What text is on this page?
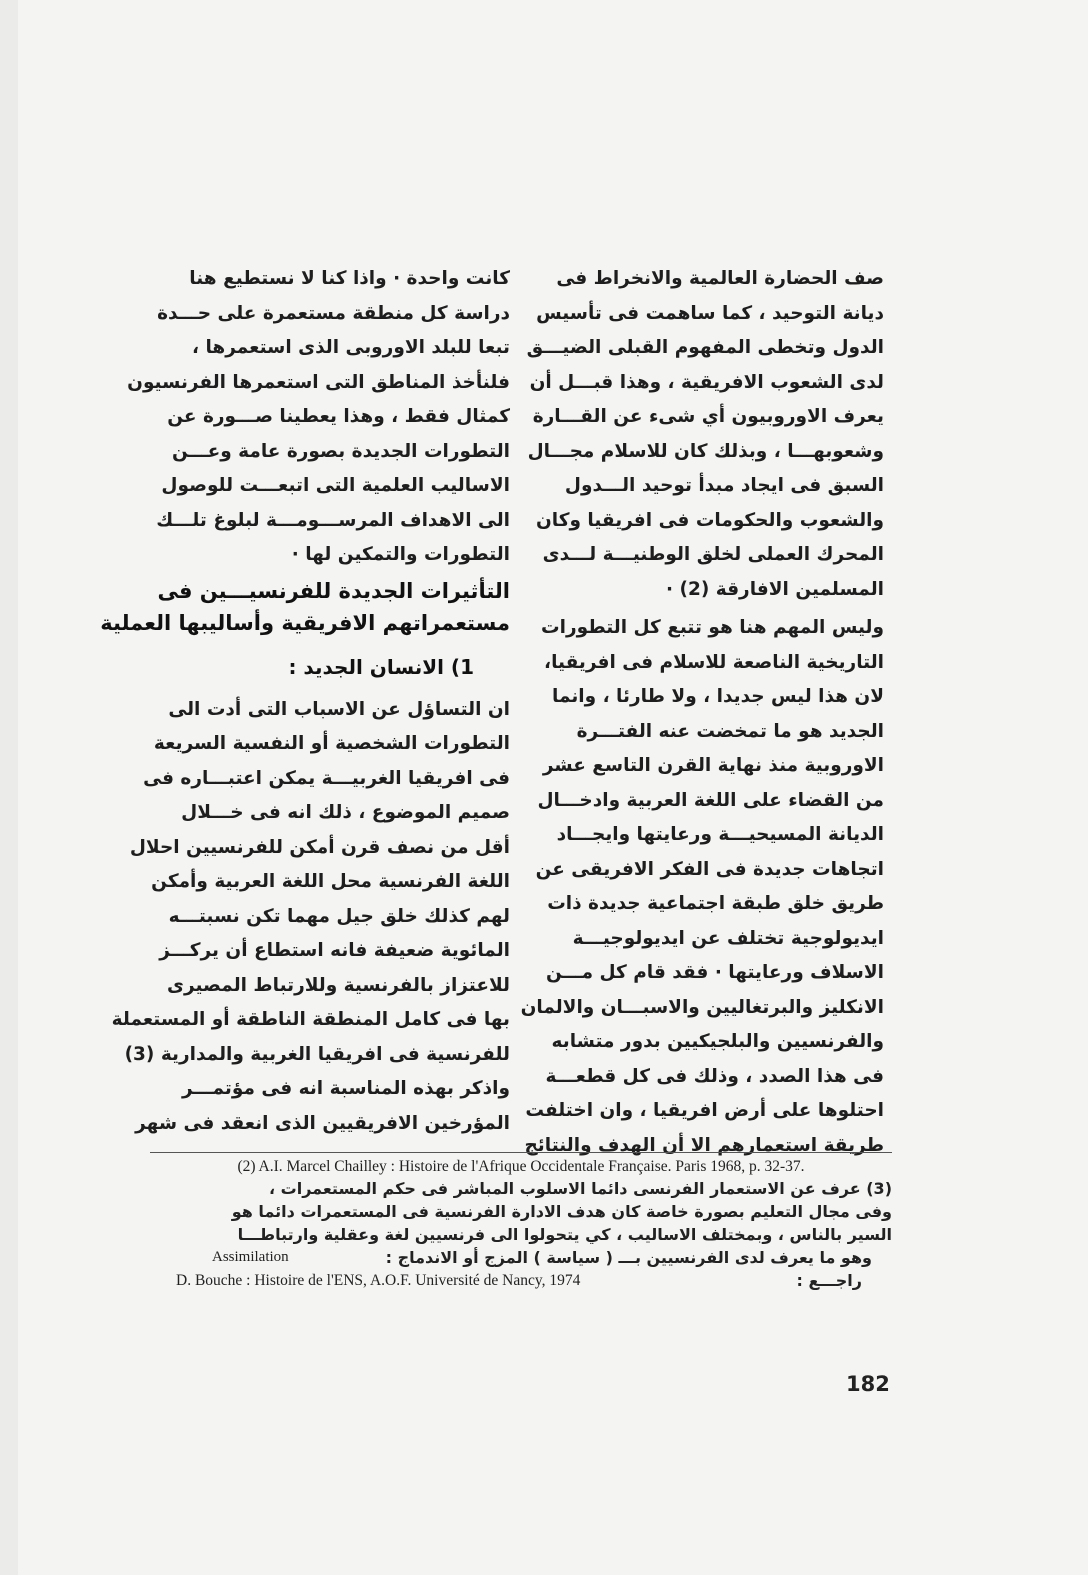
صف الحضارة العالمية والانخراط فى
ديانة التوحيد ، كما ساهمت فى تأسيس
الدول وتخطى المفهوم القبلى الضيـــق
لدى الشعوب الافريقية ، وهذا قبـــل أن
يعرف الاوروبيون أي شىء عن القـــارة
وشعوبهـــا ، وبذلك كان للاسلام مجـــال
السبق فى ايجاد مبدأ توحيد الـــدول
والشعوب والحكومات فى افريقيا وكان
المحرك العملى لخلق الوطنيـــة لـــدى
المسلمين الافارقة (2) ·
وليس المهم هنا هو تتبع كل التطورات
التاريخية الناصعة للاسلام فى افريقيا،
لان هذا ليس جديدا ، ولا طارئا ، وانما
الجديد هو ما تمخضت عنه الفتـــرة
الاوروبية منذ نهاية القرن التاسع عشر
من القضاء على اللغة العربية وادخـــال
الديانة المسيحيـــة ورعايتها وايجـــاد
اتجاهات جديدة فى الفكر الافريقى عن
طريق خلق طبقة اجتماعية جديدة ذات
ايديولوجية تختلف عن ايديولوجيـــة
الاسلاف ورعايتها · فقد قام كل مـــن
الانكليز والبرتغاليين والاسبـــان والالمان
والفرنسيين والبلجيكيين بدور متشابه
فى هذا الصدد ، وذلك فى كل قطعـــة
احتلوها على أرض افريقيا ، وان اختلفت
طريقة استعمارهم الا أن الهدف والنتائج
كانت واحدة · واذا كنا لا نستطيع هنا
دراسة كل منطقة مستعمرة على حـــدة
تبعا للبلد الاوروبى الذى استعمرها ،
فلنأخذ المناطق التى استعمرها الفرنسيون
كمثال فقط ، وهذا يعطينا صـــورة عن
التطورات الجديدة بصورة عامة وعـــن
الاساليب العلمية التى اتبعـــت للوصول
الى الاهداف المرســـومـــة لبلوغ تلـــك
التطورات والتمكين لها ·
التأثيرات الجديدة للفرنسيـــين فى
مستعمراتهم الافريقية وأساليبها العملية
1) الانسان الجديد :
ان التساؤل عن الاسباب التى أدت الى
التطورات الشخصية أو النفسية السريعة
فى افريقيا الغربيـــة يمكن اعتبـــاره فى
صميم الموضوع ، ذلك انه فى خـــلال
أقل من نصف قرن أمكن للفرنسيين احلال
اللغة الفرنسية محل اللغة العربية وأمكن
لهم كذلك خلق جيل مهما تكن نسبتـــه
المائوية ضعيفة فانه استطاع أن يركـــز
للاعتزاز بالفرنسية وللارتباط المصيرى
بها فى كامل المنطقة الناطقة أو المستعملة
للفرنسية فى افريقيا الغربية والمدارية (3)
واذكر بهذه المناسبة انه فى مؤتمـــر
المؤرخين الافريقيين الذى انعقد فى شهر
(2) A.I. Marcel Chailley : Histoire de l'Afrique Occidentale Française. Paris 1968, p. 32-37.
(3) عرف عن الاستعمار الفرنسى دائما الاسلوب المباشر فى حكم المستعمرات ،
وفى مجال التعليم بصورة خاصة كان هدف الادارة الفرنسية فى المستعمرات دائما هو
السير بالناس ، وبمختلف الاساليب ، كي يتحولوا الى فرنسيين لغة وعقلية وارتباطـــا
Assimilation	وهو ما يعرف لدى الفرنسيين بـــ ( سياسة ) المزج أو الاندماج :
D. Bouche : Histoire de l'ENS, A.O.F. Université de Nancy, 1974	راجـــع :
182
